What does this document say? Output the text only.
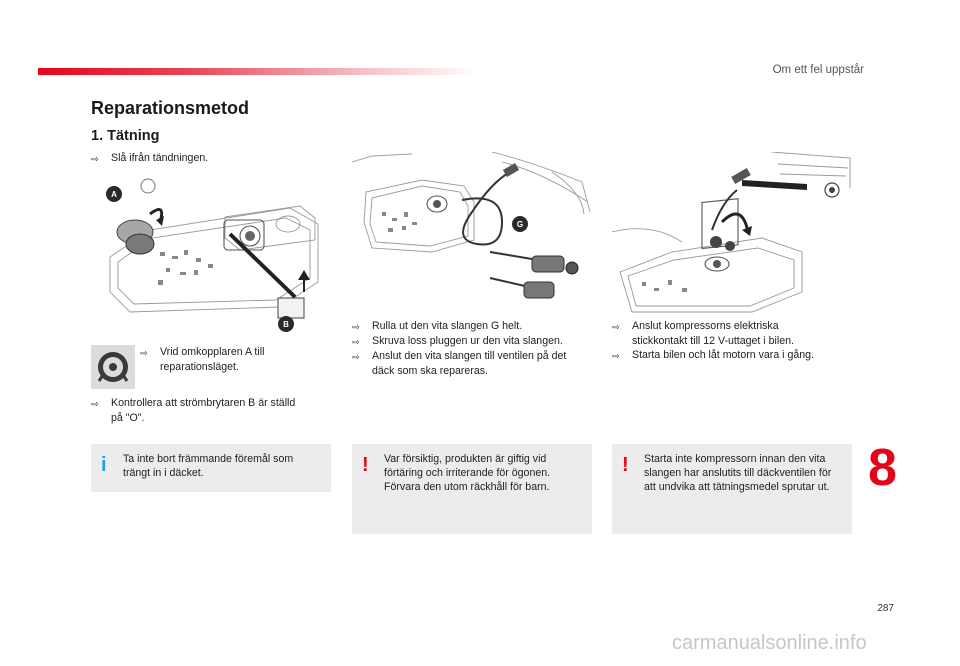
Om ett fel uppstår
Reparationsmetod
1. Tätning
⇨	Slå ifrån tändningen.
A
B
⇨	Vrid omkopplaren A till
reparationsläget.
⇨	Kontrollera att strömbrytaren B är ställd
på "O".
G
⇨	Rulla ut den vita slangen G helt.
⇨	Skruva loss pluggen ur den vita slangen.
⇨	Anslut den vita slangen till ventilen på det
däck som ska repareras.
⇨	Anslut kompressorns elektriska
stickkontakt till 12 V-uttaget i bilen.
⇨	Starta bilen och låt motorn vara i gång.
i Ta inte bort främmande föremål som
trängt in i däcket.	! Var försiktig, produkten är giftig vid
förtäring och irriterande för ögonen.
Förvara den utom räckhåll för barn.
! Starta inte kompressorn innan den vita
slangen har anslutits till däckventilen för
att undvika att tätningsmedel sprutar ut. 8
287
carmanualsonline.info
